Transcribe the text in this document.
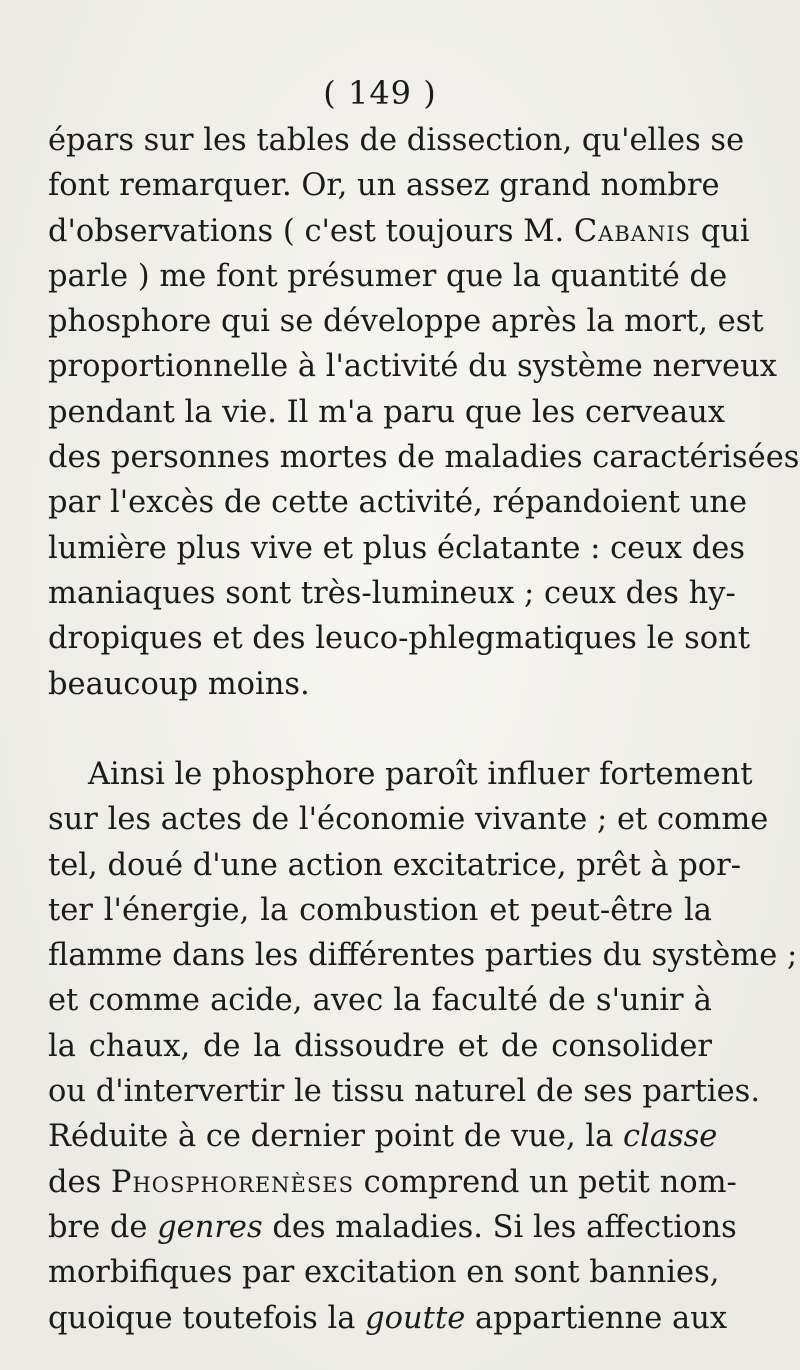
( 149 )
épars sur les tables de dissection, qu'elles se
font remarquer. Or, un assez grand nombre
d'observations ( c'est toujours M. Cabanis qui
parle ) me font présumer que la quantité de
phosphore qui se développe après la mort, est
proportionnelle à l'activité du système nerveux
pendant la vie. Il m'a paru que les cerveaux
des personnes mortes de maladies caractérisées
par l'excès de cette activité, répandoient une
lumière plus vive et plus éclatante : ceux des
maniaques sont très-lumineux ; ceux des hy-
dropiques et des leuco-phlegmatiques le sont
beaucoup moins.
Ainsi le phosphore paroît influer fortement
sur les actes de l'économie vivante ; et comme
tel, doué d'une action excitatrice, prêt à por-
ter l'énergie, la combustion et peut-être la
flamme dans les différentes parties du système ;
et comme acide, avec la faculté de s'unir à
la chaux, de la dissoudre et de consolider
ou d'intervertir le tissu naturel de ses parties.
Réduite à ce dernier point de vue, la classe
des Phosphorenèses comprend un petit nom-
bre de genres des maladies. Si les affections
morbifiques par excitation en sont bannies,
quoique toutefois la goutte appartienne aux
